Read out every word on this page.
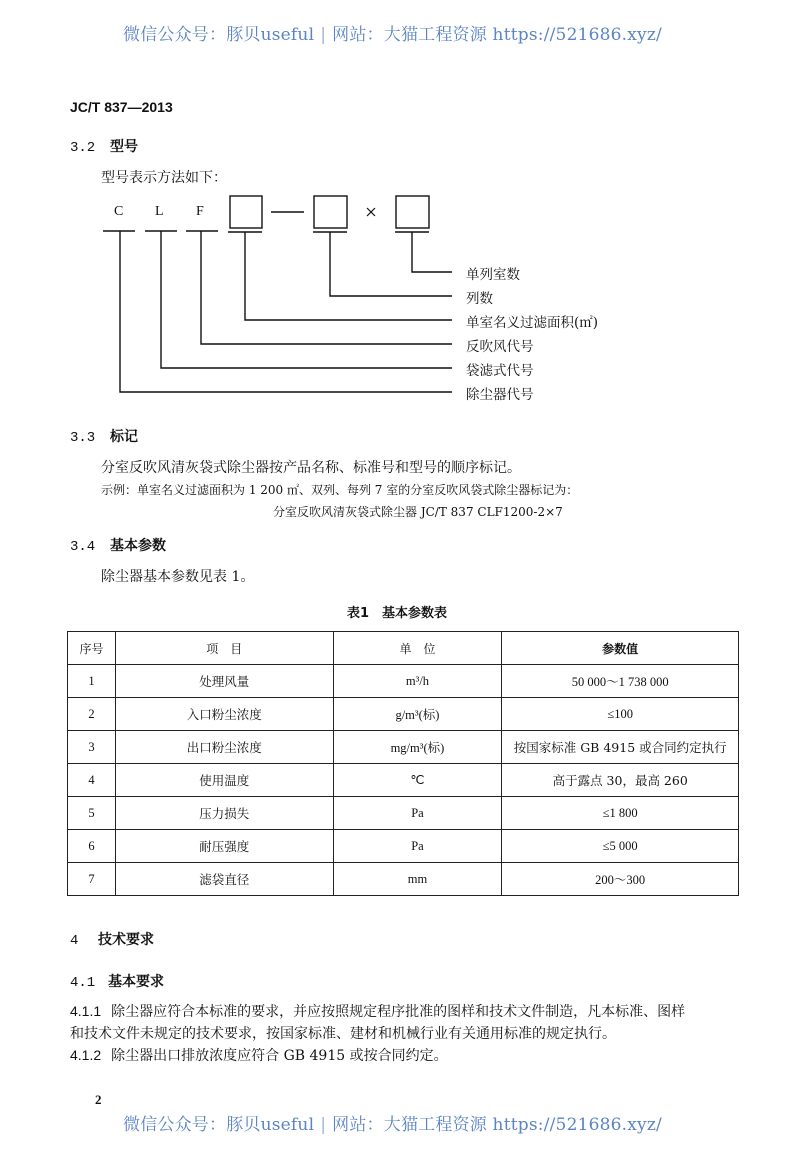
微信公众号：豚贝useful | 网站：大猫工程资源 https://521686.xyz/
JC/T 837—2013
3.2 型号
型号表示方法如下：
C L F
单列室数
列数
单室名义过滤面积(㎡)
反吹风代号
袋滤式代号
除尘器代号
3.3 标记
分室反吹风清灰袋式除尘器按产品名称、标准号和型号的顺序标记。
示例：单室名义过滤面积为 1 200 ㎡、双列、每列 7 室的分室反吹风袋式除尘器标记为：
分室反吹风清灰袋式除尘器 JC/T 837 CLF1200-2×7
3.4 基本参数
除尘器基本参数见表 1。
表1　基本参数表
序号	项　目	单　位	参数值
1	处理风量	m³/h	50 000～1 738 000
2	入口粉尘浓度	g/m³(标)	≤100
3	出口粉尘浓度	mg/m³(标)	按国家标准 GB 4915 或合同约定执行
4	使用温度	℃	高于露点 30，最高 260
5	压力损失	Pa	≤1 800
6	耐压强度	Pa	≤5 000
7	滤袋直径	mm	200～300
4 技术要求
4.1 基本要求
4.1.1 除尘器应符合本标准的要求，并应按照规定程序批准的图样和技术文件制造，凡本标准、图样
和技术文件未规定的技术要求，按国家标准、建材和机械行业有关通用标准的规定执行。
4.1.2 除尘器出口排放浓度应符合 GB 4915 或按合同约定。
2
微信公众号：豚贝useful | 网站：大猫工程资源 https://521686.xyz/
